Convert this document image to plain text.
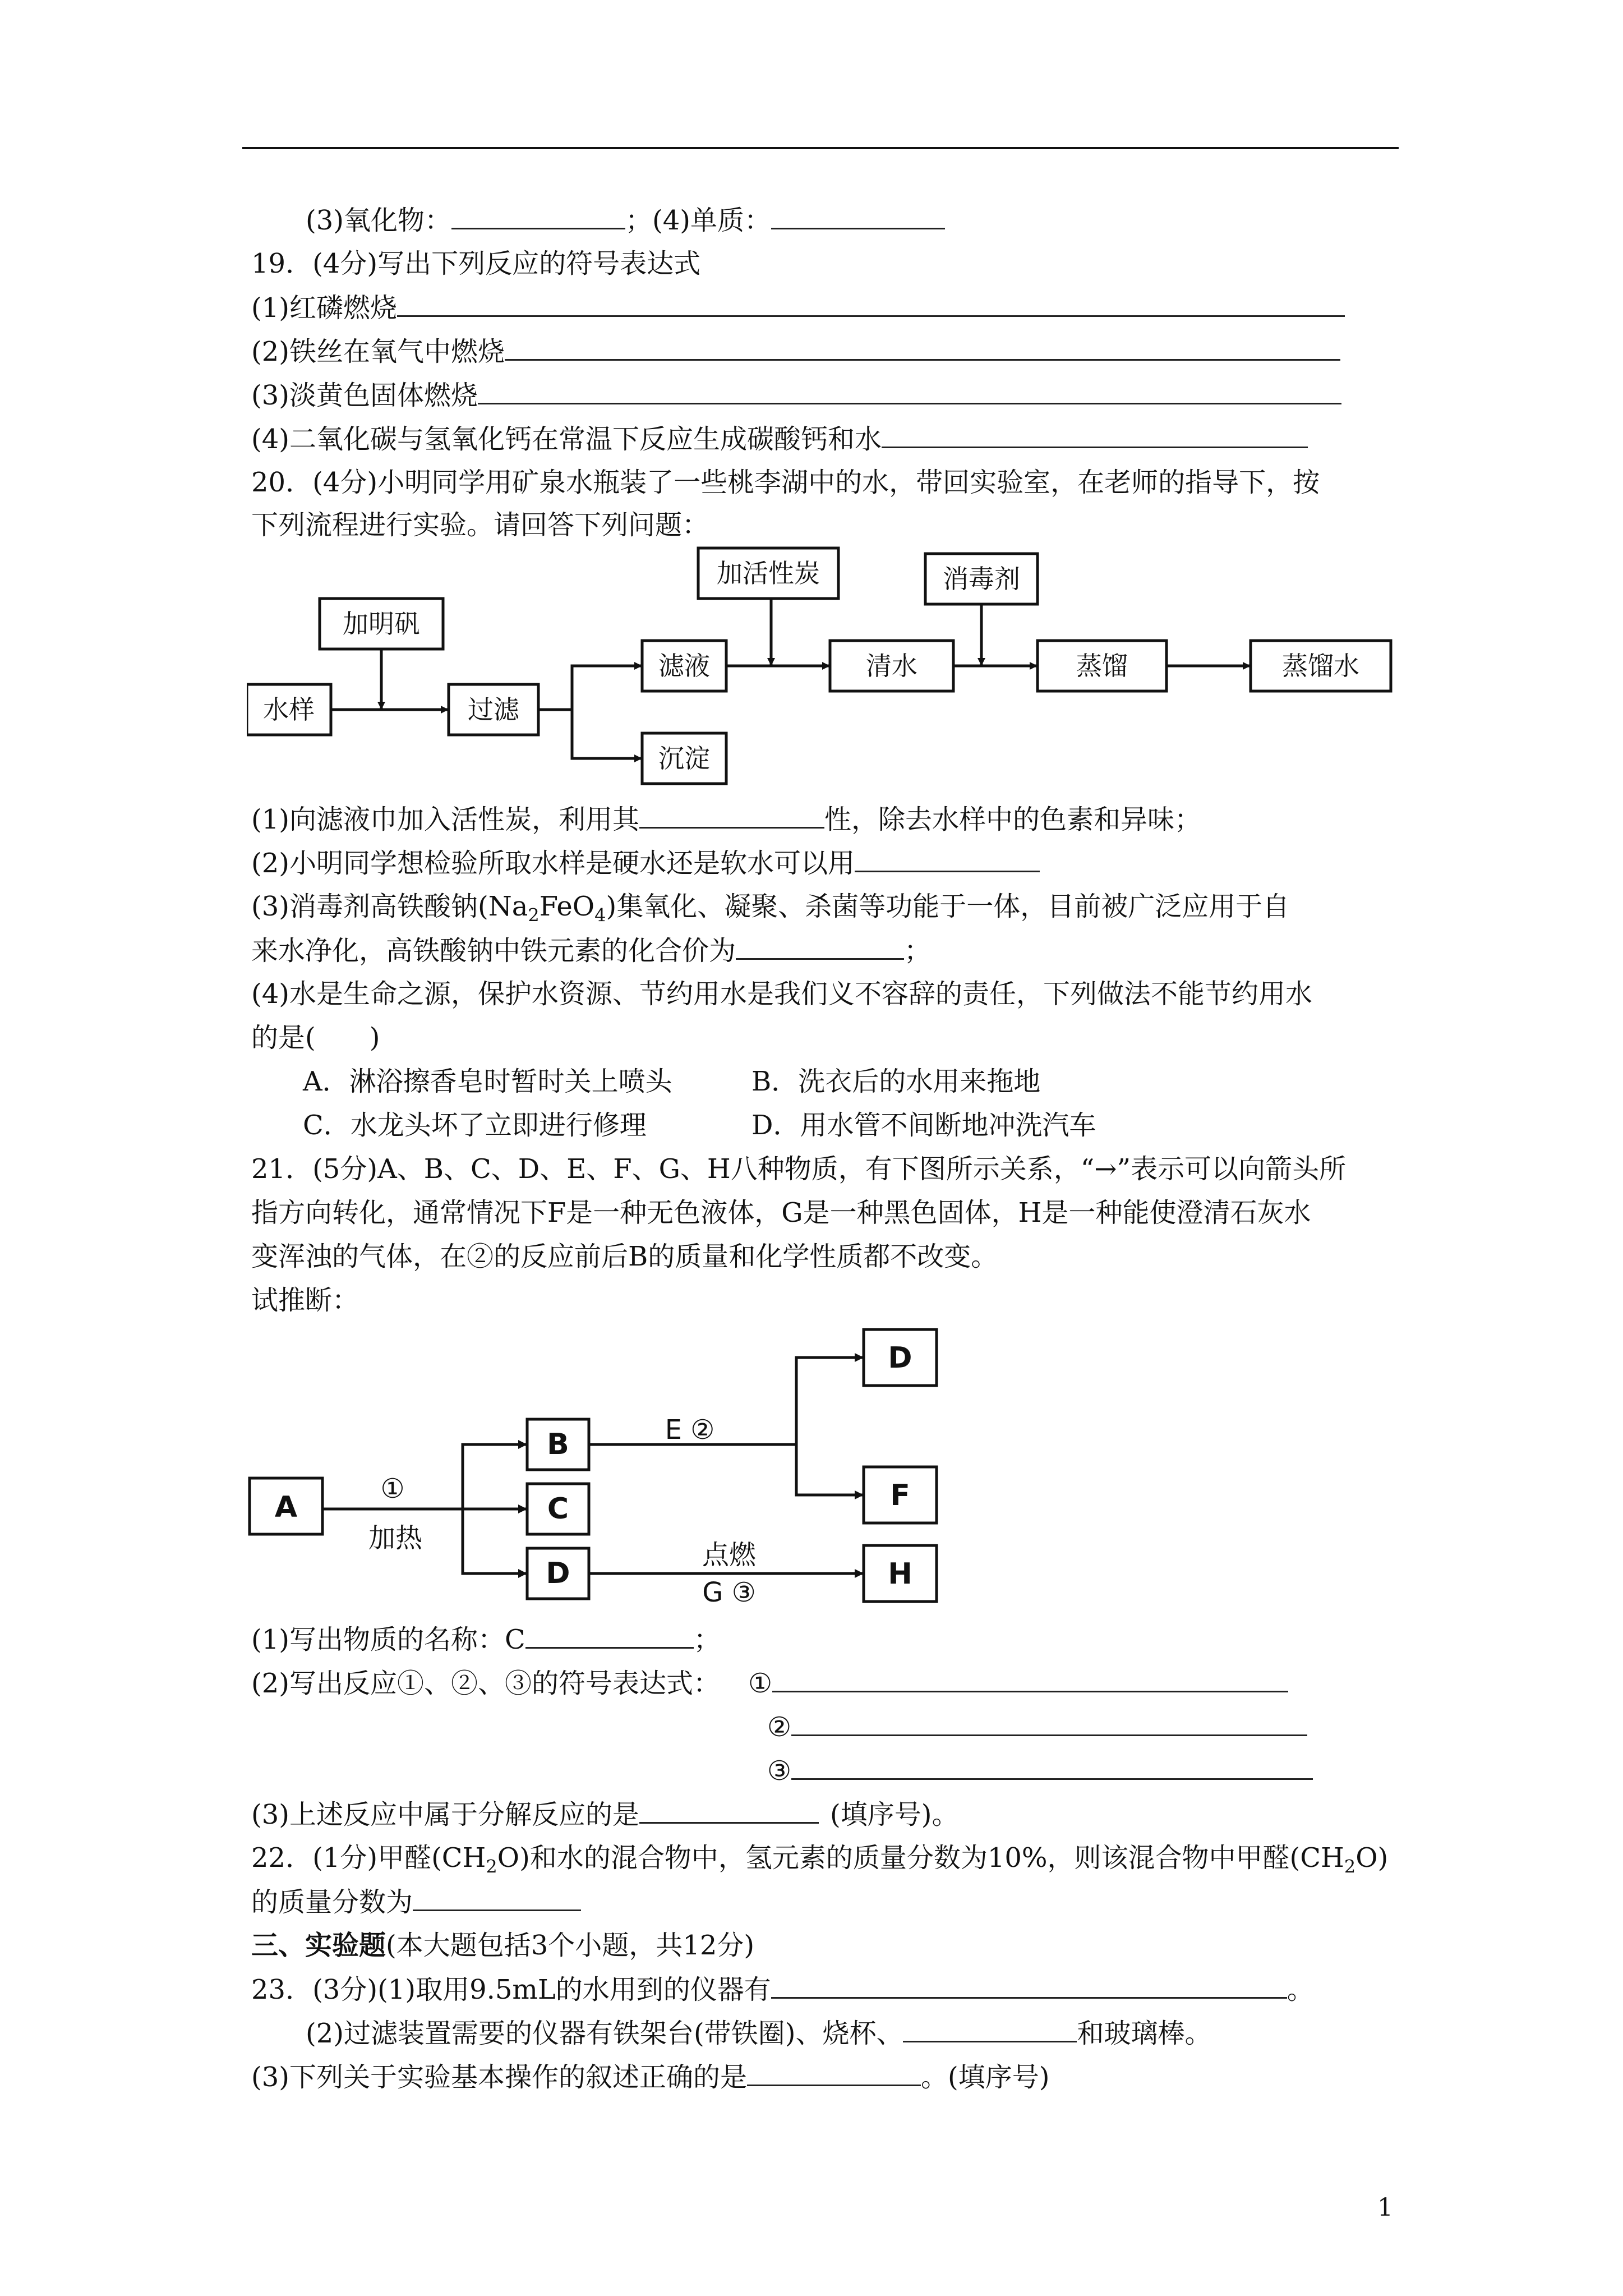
(3)氧化物：	；(4)单质：
19．(4分)写出下列反应的符号表达式
(1)红磷燃烧
(2)铁丝在氧气中燃烧
(3)淡黄色固体燃烧
(4)二氧化碳与氢氧化钙在常温下反应生成碳酸钙和水
20．(4分)小明同学用矿泉水瓶装了一些桃李湖中的水，带回实验室，在老师的指导下，按
下列流程进行实验。请回答下列问题：
加明矾
水样	过滤
滤液
沉淀
加活性炭
清水
消毒剂
蒸馏	蒸馏水
(1)向滤液巾加入活性炭，利用其	性，除去水样中的色素和异味；
(2)小明同学想检验所取水样是硬水还是软水可以用
(3)消毒剂高铁酸钠$(Na_2FeO_4)$集氧化、凝聚、杀菌等功能于一体，目前被广泛应用于自
来水净化，高铁酸钠中铁元素的化合价为	；
(4)水是生命之源，保护水资源、节约用水是我们义不容辞的责任，下列做法不能节约用水
的是(　　)
A．淋浴擦香皂时暂时关上喷头	B．洗衣后的水用来拖地
C．水龙头坏了立即进行修理	D．用水管不间断地冲洗汽车
21．(5分)A、B、C、D、E、F、G、H八种物质，有下图所示关系，“→”表示可以向箭头所
指方向转化，通常情况下F是一种无色液体，G是一种黑色固体，H是一种能使澄清石灰水
变浑浊的气体，在②的反应前后B的质量和化学性质都不改变。
试推断：
A
B
C
D
D
F
H
①
加热
E ②
点燃
G ③
(1)写出物质的名称：C	；
(2)写出反应①、②、③的符号表达式： ①
②
③
(3)上述反应中属于分解反应的是	(填序号)。
22．(1分)甲醛$(CH_2O)$和水的混合物中，氢元素的质量分数为10%，则该混合物中甲醛$(CH_2O)$
的质量分数为
三、实验题(本大题包括3个小题，共12分)
23．(3分)(1)取用9.5mL的水用到的仪器有	。
(2)过滤装置需要的仪器有铁架台(带铁圈)、烧杯、	和玻璃棒。
(3)下列关于实验基本操作的叙述正确的是	。(填序号)
1
